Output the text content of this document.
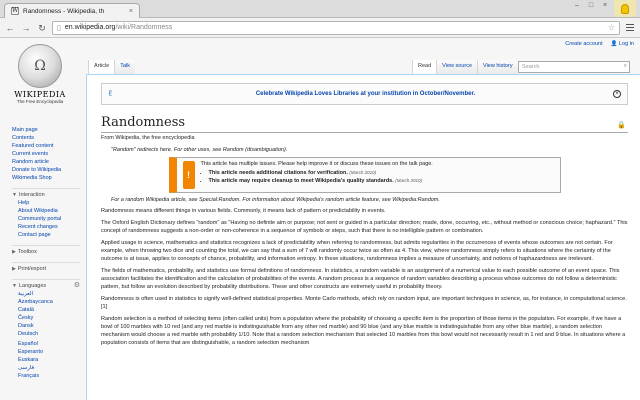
W Randomness - Wikipedia, th	×
–	□	×
← → ↻	▯ en.wikipedia.org/wiki/Randomness	☆
Create account 👤 Log in
Ω
WIKIPEDIA
The Free Encyclopedia
Article	Talk	Read	View source	View history	Search	⌕
Main page
Contents
Featured content
Current events
Random article
Donate to Wikipedia
Wikimedia Shop
▼ Interaction
Help
About Wikipedia
Community portal
Recent changes
Contact page
▶ Toolbox
▶ Print/export
▼ Languages	⚙
العربية
Azərbaycanca
Català
Česky
Dansk
Deutsch
Español
Esperanto
Euskara
فارسی
Français
ℓ	Celebrate Wikipedia Loves Libraries at your institution in October/November.	×
Randomness	🔒
From Wikipedia, the free encyclopedia
"Random" redirects here. For other uses, see Random (disambiguation).
!
This article has multiple issues. Please help improve it or discuss these issues on the talk page.
• This article needs additional citations for verification. (March 2010)
• This article may require cleanup to meet Wikipedia's quality standards. (March 2010)
For a random Wikipedia article, see Special:Random. For information about Wikipedia's random article feature, see Wikipedia:Random.

Randomness means different things in various fields. Commonly, it means lack of pattern or predictability in events.

The Oxford English Dictionary defines "random" as "Having no definite aim or purpose; not sent or guided in a particular direction; made, done, occurring, etc., without method or conscious choice; haphazard." This concept of randomness suggests a non-order or non-coherence in a sequence of symbols or steps, such that there is no intelligible pattern or combination.

Applied usage in science, mathematics and statistics recognizes a lack of predictability when referring to randomness, but admits regularities in the occurrences of events whose outcomes are not certain. For example, when throwing two dice and counting the total, we can say that a sum of 7 will randomly occur twice as often as 4. This view, where randomness simply refers to situations where the certainty of the outcome is at issue, applies to concepts of chance, probability, and information entropy. In these situations, randomness implies a measure of uncertainty, and notions of haphazardness are irrelevant.

The fields of mathematics, probability, and statistics use formal definitions of randomness. In statistics, a random variable is an assignment of a numerical value to each possible outcome of an event space. This association facilitates the identification and the calculation of probabilities of the events. A random process is a sequence of random variables describing a process whose outcomes do not follow a deterministic pattern, but follow an evolution described by probability distributions. These and other constructs are extremely useful in probability theory.

Randomness is often used in statistics to signify well-defined statistical properties. Monte Carlo methods, which rely on random input, are important techniques in science, as, for instance, in computational science.[1]

Random selection is a method of selecting items (often called units) from a population where the probability of choosing a specific item is the proportion of those items in the population. For example, if we have a bowl of 100 marbles with 10 red (and any red marble is indistinguishable from any other red marble) and 90 blue (and any blue marble is indistinguishable from any other blue marble), a random selection mechanism would choose a red marble with probability 1/10. Note that a random selection mechanism that selected 10 marbles from this bowl would not necessarily result in 1 red and 9 blue. In situations where a population consists of items that are distinguishable, a random selection mechanism
